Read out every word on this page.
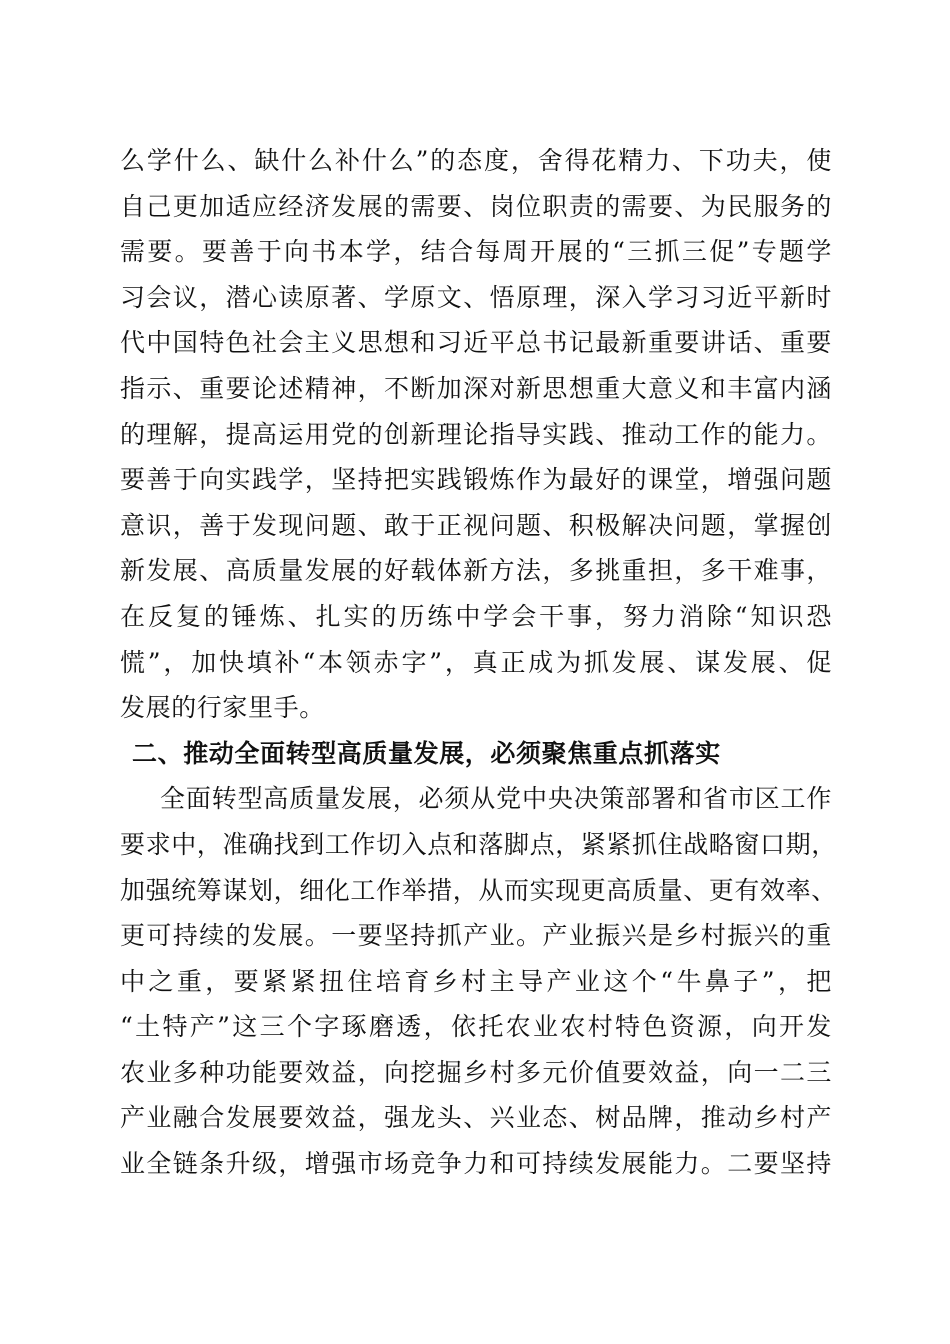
么学什么、缺什么补什么”的态度，舍得花精力、下功夫，使
自己更加适应经济发展的需要、岗位职责的需要、为民服务的
需要。要善于向书本学，结合每周开展的“三抓三促”专题学
习会议，潜心读原著、学原文、悟原理，深入学习习近平新时
代中国特色社会主义思想和习近平总书记最新重要讲话、重要
指示、重要论述精神，不断加深对新思想重大意义和丰富内涵
的理解，提高运用党的创新理论指导实践、推动工作的能力。
要善于向实践学，坚持把实践锻炼作为最好的课堂，增强问题
意识，善于发现问题、敢于正视问题、积极解决问题，掌握创
新发展、高质量发展的好载体新方法，多挑重担，多干难事，
在反复的锤炼、扎实的历练中学会干事，努力消除“知识恐
慌”，加快填补“本领赤字”，真正成为抓发展、谋发展、促
发展的行家里手。
二、推动全面转型高质量发展，必须聚焦重点抓落实
全面转型高质量发展，必须从党中央决策部署和省市区工作
要求中，准确找到工作切入点和落脚点，紧紧抓住战略窗口期，
加强统筹谋划，细化工作举措，从而实现更高质量、更有效率、
更可持续的发展。一要坚持抓产业。产业振兴是乡村振兴的重
中之重，要紧紧扭住培育乡村主导产业这个“牛鼻子”，把
“土特产”这三个字琢磨透，依托农业农村特色资源，向开发
农业多种功能要效益，向挖掘乡村多元价值要效益，向一二三
产业融合发展要效益，强龙头、兴业态、树品牌，推动乡村产
业全链条升级，增强市场竞争力和可持续发展能力。二要坚持
